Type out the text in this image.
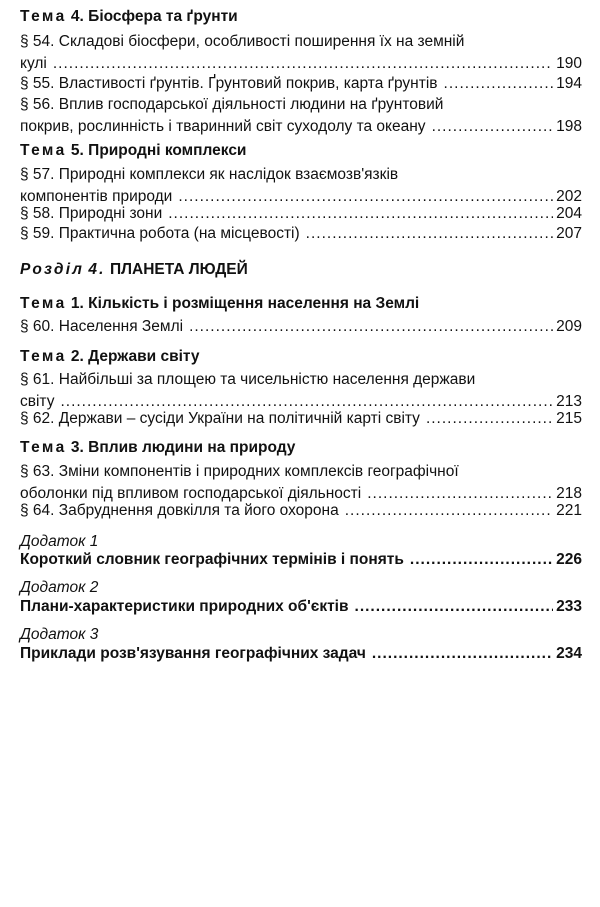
Тема 4. Біосфера та ґрунти
§ 54. Складові біосфери, особливості поширення їх на земній
кулі .....	190
§ 55. Властивості ґрунтів. Ґрунтовий покрив, карта ґрунтів .....	194
§ 56. Вплив господарської діяльності людини на ґрунтовий
покрив, рослинність і тваринний світ суходолу та океану .....	198
Тема 5. Природні комплекси
§ 57. Природні комплекси як наслідок взаємозв'язків
компонентів природи .....	202
§ 58. Природні зони .....	204
§ 59. Практична робота (на місцевості) .....	207
Розділ 4. ПЛАНЕТА ЛЮДЕЙ
Тема 1. Кількість і розміщення населення на Землі
§ 60. Населення Землі .....	209
Тема 2. Держави світу
§ 61. Найбільші за площею та чисельністю населення держави
світу .....	213
§ 62. Держави – сусіди України на політичній карті світу .....	215
Тема 3. Вплив людини на природу
§ 63. Зміни компонентів і природних комплексів географічної
оболонки під впливом господарської діяльності .....	218
§ 64. Забруднення довкілля та його охорона .....	221
Додаток 1
Короткий словник географічних термінів і понять .....	226
Додаток 2
Плани-характеристики природних об'єктів .....	233
Додаток 3
Приклади розв'язування географічних задач .....	234
